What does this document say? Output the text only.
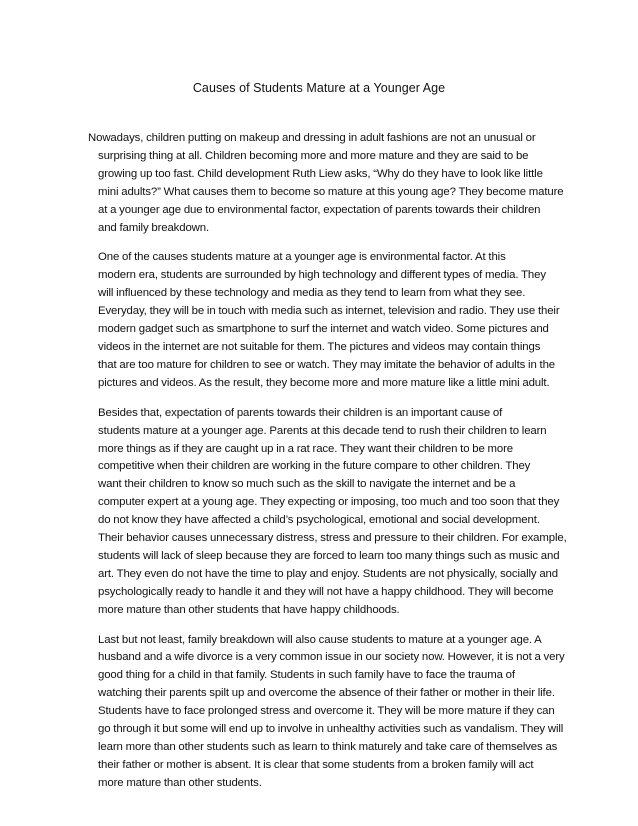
Causes of Students Mature at a Younger Age
Nowadays, children putting on makeup and dressing in adult fashions are not an unusual or
surprising thing at all. Children becoming more and more mature and they are said to be
growing up too fast. Child development Ruth Liew asks, “Why do they have to look like little
mini adults?” What causes them to become so mature at this young age? They become mature
at a younger age due to environmental factor, expectation of parents towards their children
and family breakdown.
One of the causes students mature at a younger age is environmental factor. At this
modern era, students are surrounded by high technology and different types of media. They
will influenced by these technology and media as they tend to learn from what they see.
Everyday, they will be in touch with media such as internet, television and radio. They use their
modern gadget such as smartphone to surf the internet and watch video. Some pictures and
videos in the internet are not suitable for them. The pictures and videos may contain things
that are too mature for children to see or watch. They may imitate the behavior of adults in the
pictures and videos. As the result, they become more and more mature like a little mini adult.
Besides that, expectation of parents towards their children is an important cause of
students mature at a younger age. Parents at this decade tend to rush their children to learn
more things as if they are caught up in a rat race. They want their children to be more
competitive when their children are working in the future compare to other children. They
want their children to know so much such as the skill to navigate the internet and be a
computer expert at a young age. They expecting or imposing, too much and too soon that they
do not know they have affected a child’s psychological, emotional and social development.
Their behavior causes unnecessary distress, stress and pressure to their children. For example,
students will lack of sleep because they are forced to learn too many things such as music and
art. They even do not have the time to play and enjoy. Students are not physically, socially and
psychologically ready to handle it and they will not have a happy childhood. They will become
more mature than other students that have happy childhoods.
Last but not least, family breakdown will also cause students to mature at a younger age. A
husband and a wife divorce is a very common issue in our society now. However, it is not a very
good thing for a child in that family. Students in such family have to face the trauma of
watching their parents spilt up and overcome the absence of their father or mother in their life.
Students have to face prolonged stress and overcome it. They will be more mature if they can
go through it but some will end up to involve in unhealthy activities such as vandalism. They will
learn more than other students such as learn to think maturely and take care of themselves as
their father or mother is absent. It is clear that some students from a broken family will act
more mature than other students.
